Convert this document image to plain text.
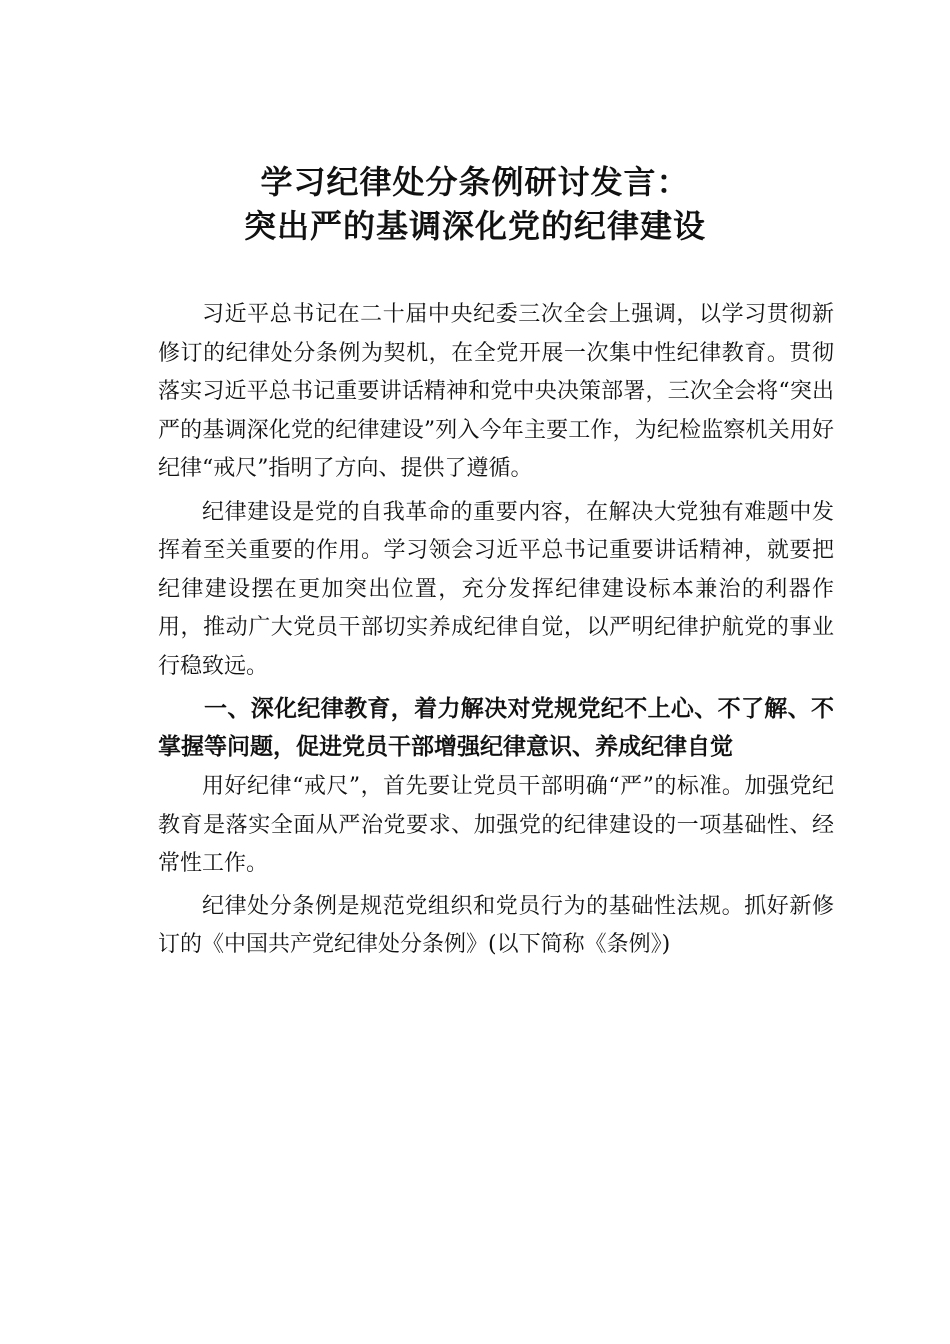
学习纪律处分条例研讨发言：

突出严的基调深化党的纪律建设

习近平总书记在二十届中央纪委三次全会上强调，以学习贯彻新修订的纪律处分条例为契机，在全党开展一次集中性纪律教育。贯彻落实习近平总书记重要讲话精神和党中央决策部署，三次全会将“突出严的基调深化党的纪律建设”列入今年主要工作，为纪检监察机关用好纪律“戒尺”指明了方向、提供了遵循。

纪律建设是党的自我革命的重要内容，在解决大党独有难题中发挥着至关重要的作用。学习领会习近平总书记重要讲话精神，就要把纪律建设摆在更加突出位置，充分发挥纪律建设标本兼治的利器作用，推动广大党员干部切实养成纪律自觉，以严明纪律护航党的事业行稳致远。

一、深化纪律教育，着力解决对党规党纪不上心、不了解、不掌握等问题，促进党员干部增强纪律意识、养成纪律自觉

用好纪律“戒尺”，首先要让党员干部明确“严”的标准。加强党纪教育是落实全面从严治党要求、加强党的纪律建设的一项基础性、经常性工作。

纪律处分条例是规范党组织和党员行为的基础性法规。抓好新修订的《中国共产党纪律处分条例》(以下简称《条例》)
